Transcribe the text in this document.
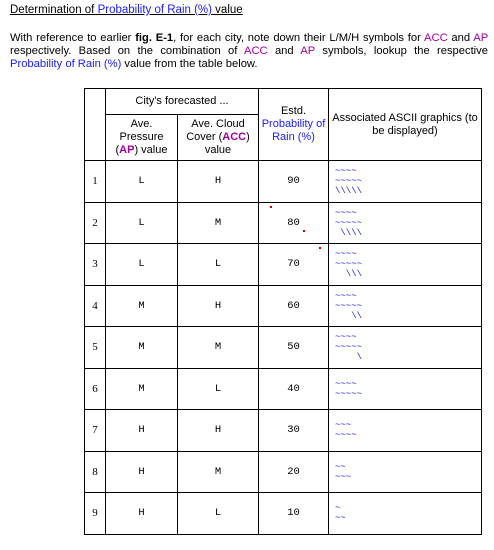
Determination of Probability of Rain (%) value
With reference to earlier fig. E-1, for each city, note down their L/M/H symbols for ACC and AP respectively. Based on the combination of ACC and AP symbols, lookup the respective Probability of Rain (%) value from the table below.
	City's forecasted ...		Estd.
Probability of Rain (%)	Associated ASCII graphics (to be displayed)
	Ave.
Pressure
(AP) value	Ave. Cloud
Cover (ACC)
value		
1	L	H	90	~~~~
~~~~~
\\\\\
2	L	M	80	~~~~
~~~~~
\\\\
3	L	L	70	~~~~
~~~~~
\\\
4	M	H	60	~~~~
~~~~~
\\
5	M	M	50	~~~~
~~~~~
\
6	M	L	40	~~~~
~~~~~
7	H	H	30	~~~
~~~~
8	H	M	20	~~
~~~
9	H	L	10	~
~~
